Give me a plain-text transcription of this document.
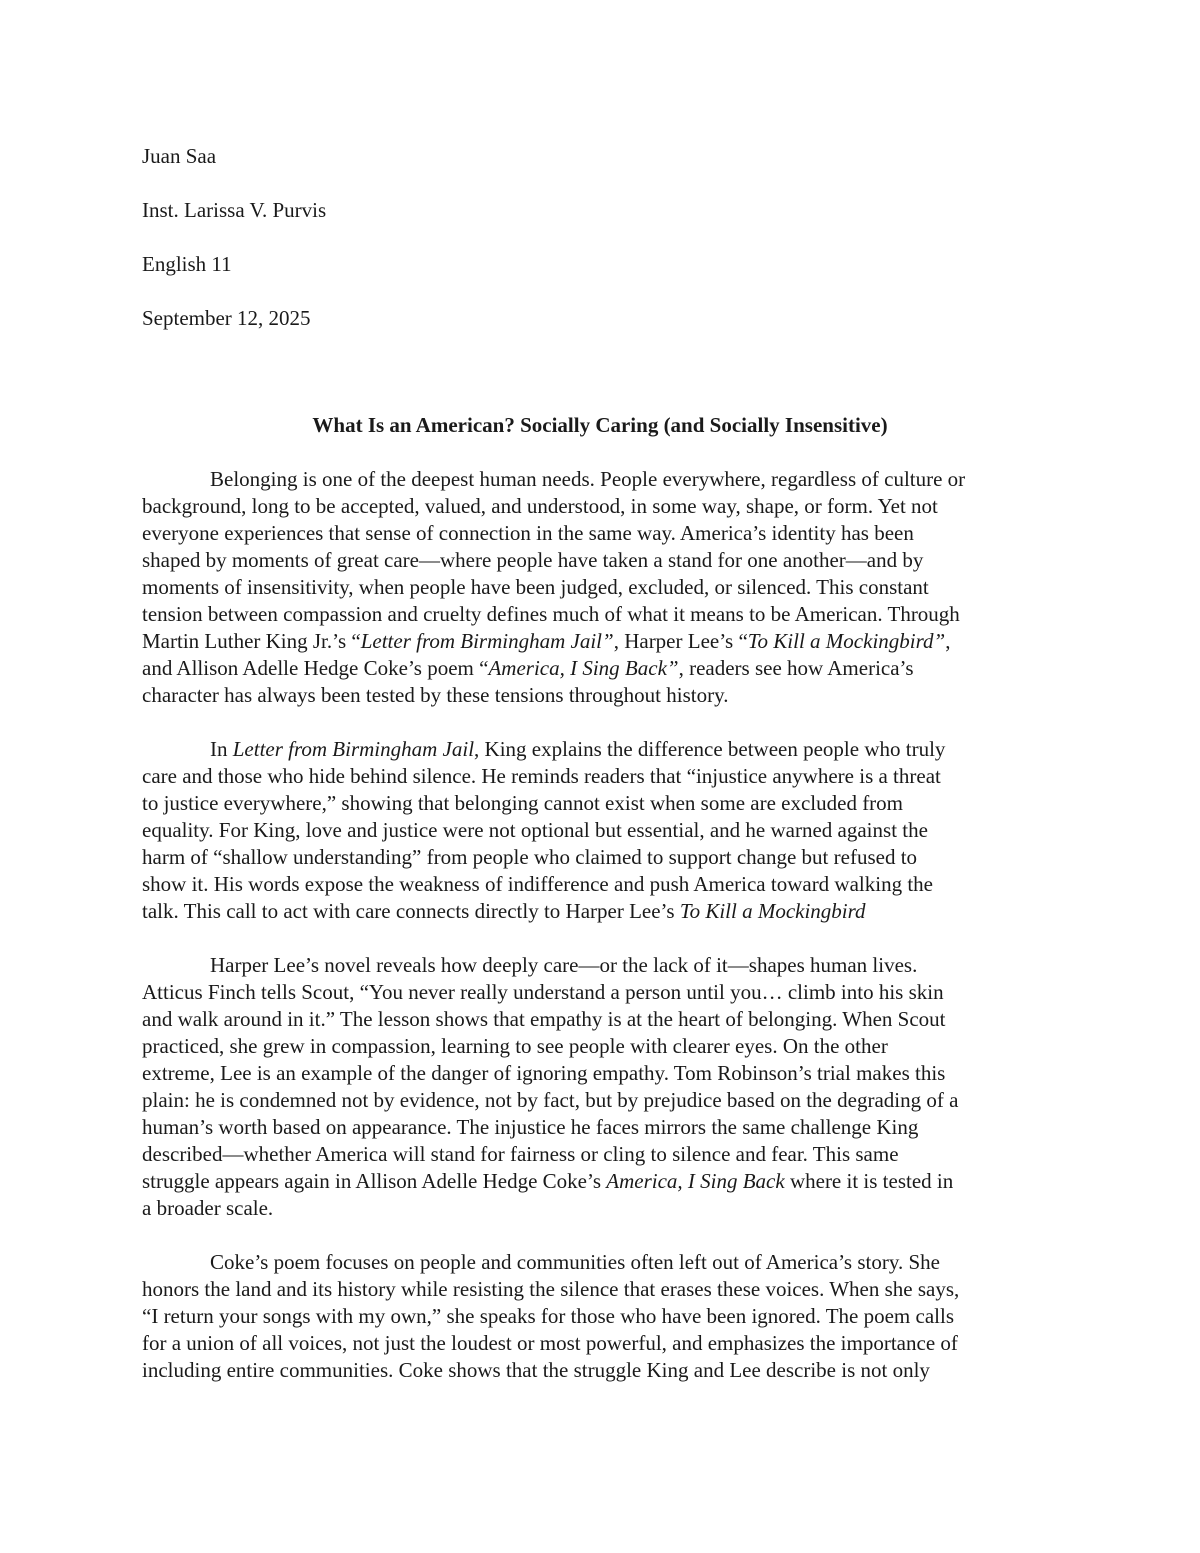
Juan Saa
Inst. Larissa V. Purvis
English 11
September 12, 2025
What Is an American? Socially Caring (and Socially Insensitive)
Belonging is one of the deepest human needs. People everywhere, regardless of culture or
background, long to be accepted, valued, and understood, in some way, shape, or form. Yet not
everyone experiences that sense of connection in the same way. America’s identity has been
shaped by moments of great care—where people have taken a stand for one another—and by
moments of insensitivity, when people have been judged, excluded, or silenced. This constant
tension between compassion and cruelty defines much of what it means to be American. Through
Martin Luther King Jr.’s “Letter from Birmingham Jail”, Harper Lee’s “To Kill a Mockingbird”,
and Allison Adelle Hedge Coke’s poem “America, I Sing Back”, readers see how America’s
character has always been tested by these tensions throughout history.
In Letter from Birmingham Jail, King explains the difference between people who truly
care and those who hide behind silence. He reminds readers that “injustice anywhere is a threat
to justice everywhere,” showing that belonging cannot exist when some are excluded from
equality. For King, love and justice were not optional but essential, and he warned against the
harm of “shallow understanding” from people who claimed to support change but refused to
show it. His words expose the weakness of indifference and push America toward walking the
talk. This call to act with care connects directly to Harper Lee’s To Kill a Mockingbird
Harper Lee’s novel reveals how deeply care—or the lack of it—shapes human lives.
Atticus Finch tells Scout, “You never really understand a person until you… climb into his skin
and walk around in it.” The lesson shows that empathy is at the heart of belonging. When Scout
practiced, she grew in compassion, learning to see people with clearer eyes. On the other
extreme, Lee is an example of the danger of ignoring empathy. Tom Robinson’s trial makes this
plain: he is condemned not by evidence, not by fact, but by prejudice based on the degrading of a
human’s worth based on appearance. The injustice he faces mirrors the same challenge King
described—whether America will stand for fairness or cling to silence and fear. This same
struggle appears again in Allison Adelle Hedge Coke’s America, I Sing Back where it is tested in
a broader scale.
Coke’s poem focuses on people and communities often left out of America’s story. She
honors the land and its history while resisting the silence that erases these voices. When she says,
“I return your songs with my own,” she speaks for those who have been ignored. The poem calls
for a union of all voices, not just the loudest or most powerful, and emphasizes the importance of
including entire communities. Coke shows that the struggle King and Lee describe is not only
